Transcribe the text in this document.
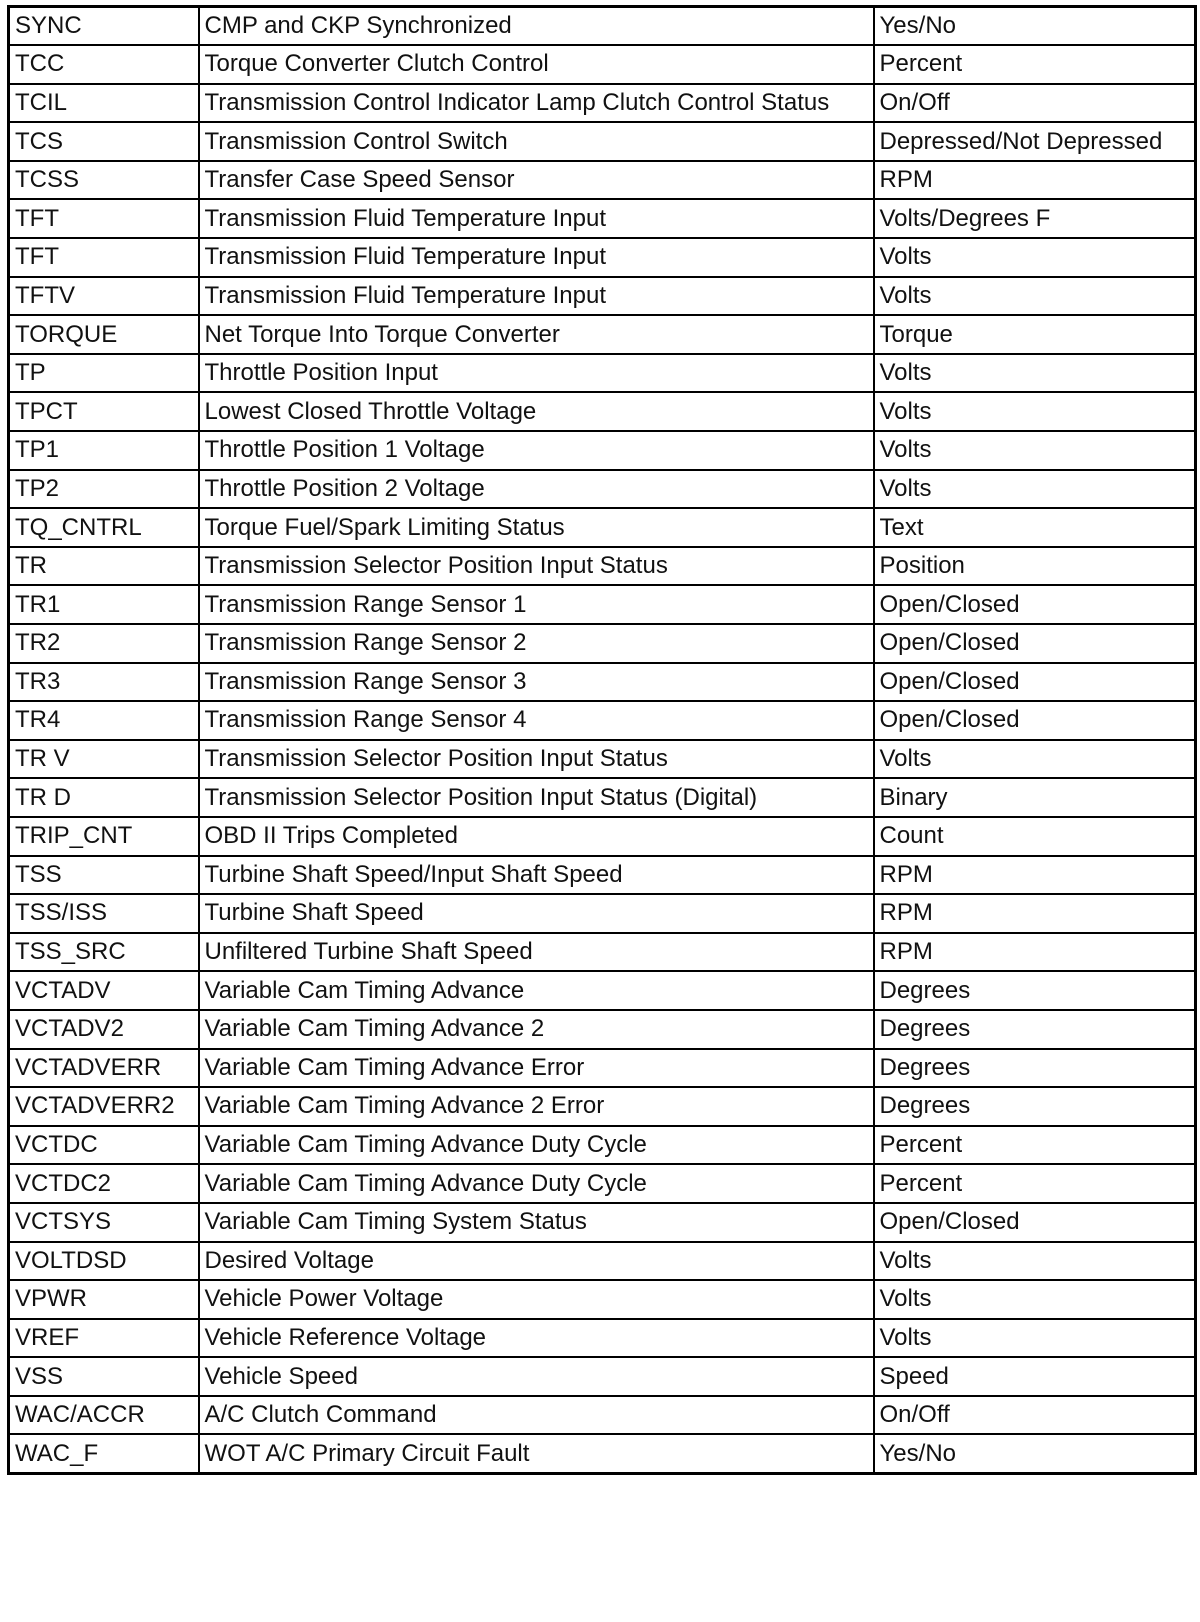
SYNC	CMP and CKP Synchronized	Yes/No
TCC	Torque Converter Clutch Control	Percent
TCIL	Transmission Control Indicator Lamp Clutch Control Status	On/Off
TCS	Transmission Control Switch	Depressed/Not Depressed
TCSS	Transfer Case Speed Sensor	RPM
TFT	Transmission Fluid Temperature Input	Volts/Degrees F
TFT	Transmission Fluid Temperature Input	Volts
TFTV	Transmission Fluid Temperature Input	Volts
TORQUE	Net Torque Into Torque Converter	Torque
TP	Throttle Position Input	Volts
TPCT	Lowest Closed Throttle Voltage	Volts
TP1	Throttle Position 1 Voltage	Volts
TP2	Throttle Position 2 Voltage	Volts
TQ_CNTRL	Torque Fuel/Spark Limiting Status	Text
TR	Transmission Selector Position Input Status	Position
TR1	Transmission Range Sensor 1	Open/Closed
TR2	Transmission Range Sensor 2	Open/Closed
TR3	Transmission Range Sensor 3	Open/Closed
TR4	Transmission Range Sensor 4	Open/Closed
TR V	Transmission Selector Position Input Status	Volts
TR D	Transmission Selector Position Input Status (Digital)	Binary
TRIP_CNT	OBD II Trips Completed	Count
TSS	Turbine Shaft Speed/Input Shaft Speed	RPM
TSS/ISS	Turbine Shaft Speed	RPM
TSS_SRC	Unfiltered Turbine Shaft Speed	RPM
VCTADV	Variable Cam Timing Advance	Degrees
VCTADV2	Variable Cam Timing Advance 2	Degrees
VCTADVERR	Variable Cam Timing Advance Error	Degrees
VCTADVERR2	Variable Cam Timing Advance 2 Error	Degrees
VCTDC	Variable Cam Timing Advance Duty Cycle	Percent
VCTDC2	Variable Cam Timing Advance Duty Cycle	Percent
VCTSYS	Variable Cam Timing System Status	Open/Closed
VOLTDSD	Desired Voltage	Volts
VPWR	Vehicle Power Voltage	Volts
VREF	Vehicle Reference Voltage	Volts
VSS	Vehicle Speed	Speed
WAC/ACCR	A/C Clutch Command	On/Off
WAC_F	WOT A/C Primary Circuit Fault	Yes/No
